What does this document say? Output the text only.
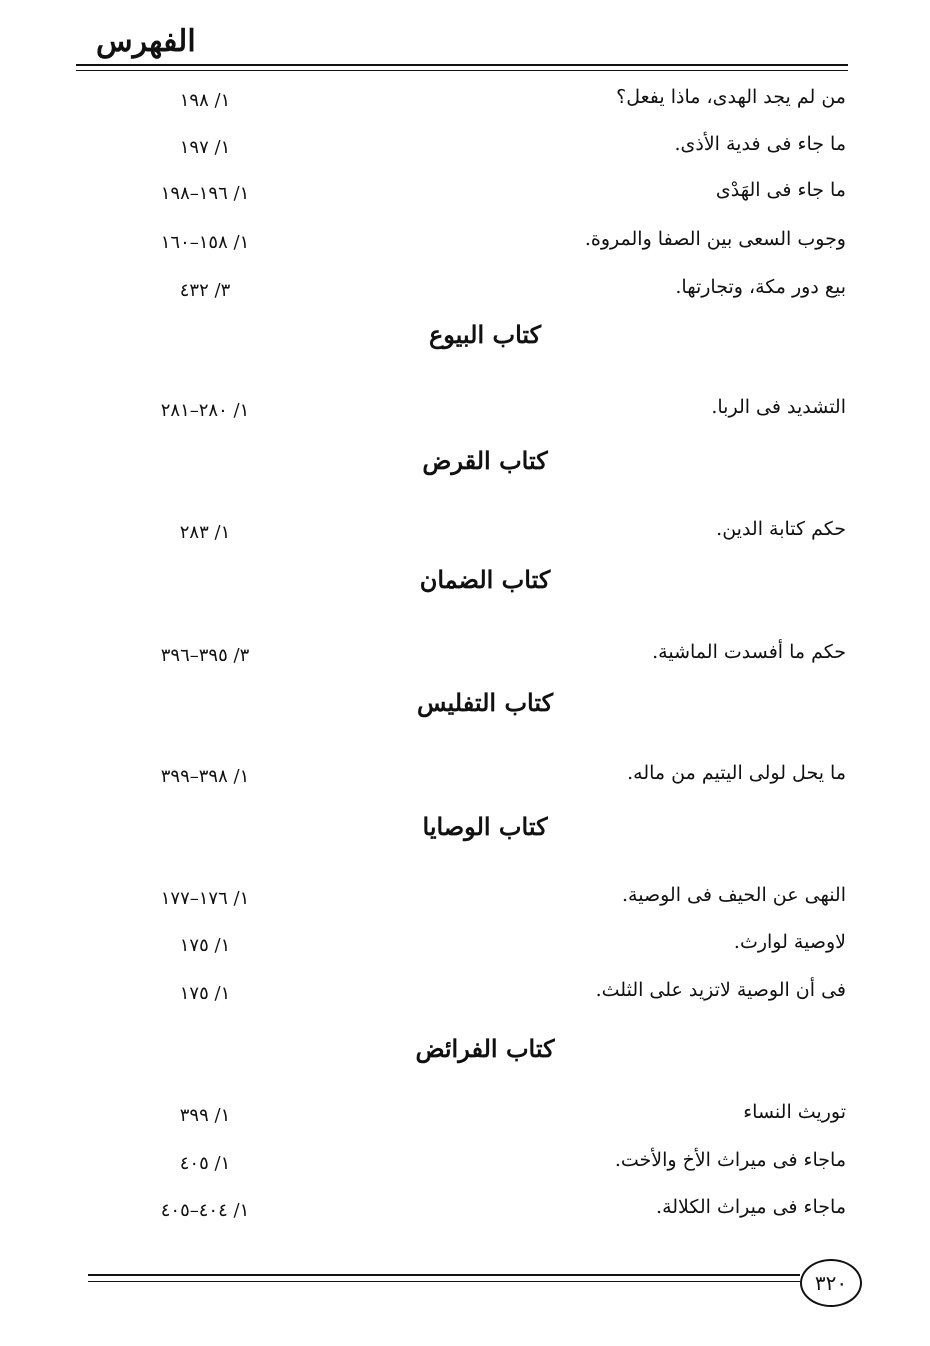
الفهرس
من لم يجد الهدى، ماذا يفعل؟
١/ ١٩٨
ما جاء فى فدية الأذى.
١/ ١٩٧
ما جاء فى الهَدْى
١/ ١٩٦–١٩٨
وجوب السعى بين الصفا والمروة.
١/ ١٥٨–١٦٠
بيع دور مكة، وتجارتها.
٣/ ٤٣٢
كتاب البيوع
التشديد فى الربا.
١/ ٢٨٠–٢٨١
كتاب القرض
حكم كتابة الدين.
١/ ٢٨٣
كتاب الضمان
حكم ما أفسدت الماشية.
٣/ ٣٩٥–٣٩٦
كتاب التفليس
ما يحل لولى اليتيم من ماله.
١/ ٣٩٨–٣٩٩
كتاب الوصايا
النهى عن الحيف فى الوصية.
١/ ١٧٦–١٧٧
لاوصية لوارث.
١/ ١٧٥
فى أن الوصية لاتزيد على الثلث.
١/ ١٧٥
كتاب الفرائض
توريث النساء
١/ ٣٩٩
ماجاء فى ميراث الأخ والأخت.
١/ ٤٠٥
ماجاء فى ميراث الكلالة.
١/ ٤٠٤–٤٠٥
٣٢٠
